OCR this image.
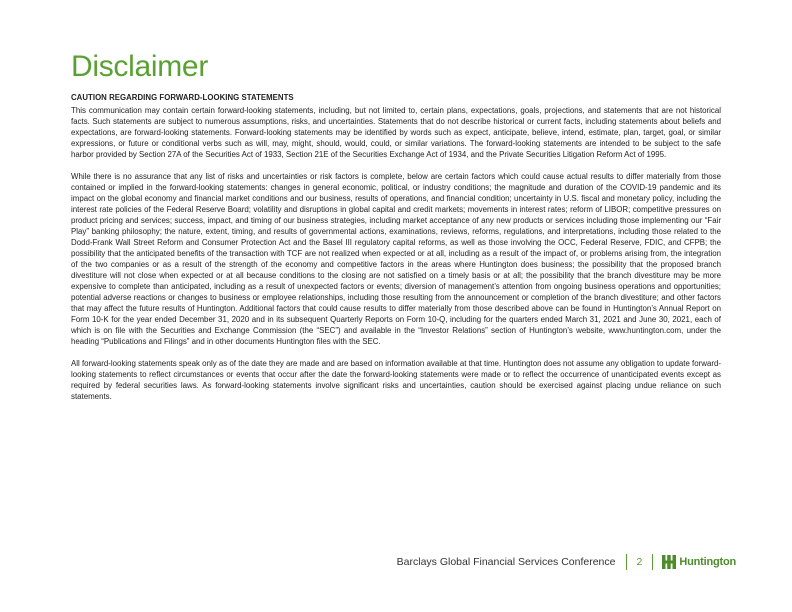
Disclaimer
CAUTION REGARDING FORWARD-LOOKING STATEMENTS

This communication may contain certain forward-looking statements, including, but not limited to, certain plans, expectations, goals, projections, and statements that are not historical facts. Such statements are subject to numerous assumptions, risks, and uncertainties. Statements that do not describe historical or current facts, including statements about beliefs and expectations, are forward-looking statements. Forward-looking statements may be identified by words such as expect, anticipate, believe, intend, estimate, plan, target, goal, or similar expressions, or future or conditional verbs such as will, may, might, should, would, could, or similar variations. The forward-looking statements are intended to be subject to the safe harbor provided by Section 27A of the Securities Act of 1933, Section 21E of the Securities Exchange Act of 1934, and the Private Securities Litigation Reform Act of 1995.

While there is no assurance that any list of risks and uncertainties or risk factors is complete, below are certain factors which could cause actual results to differ materially from those contained or implied in the forward-looking statements: changes in general economic, political, or industry conditions; the magnitude and duration of the COVID-19 pandemic and its impact on the global economy and financial market conditions and our business, results of operations, and financial condition; uncertainty in U.S. fiscal and monetary policy, including the interest rate policies of the Federal Reserve Board; volatility and disruptions in global capital and credit markets; movements in interest rates; reform of LIBOR; competitive pressures on product pricing and services; success, impact, and timing of our business strategies, including market acceptance of any new products or services including those implementing our “Fair Play” banking philosophy; the nature, extent, timing, and results of governmental actions, examinations, reviews, reforms, regulations, and interpretations, including those related to the Dodd-Frank Wall Street Reform and Consumer Protection Act and the Basel III regulatory capital reforms, as well as those involving the OCC, Federal Reserve, FDIC, and CFPB; the possibility that the anticipated benefits of the transaction with TCF are not realized when expected or at all, including as a result of the impact of, or problems arising from, the integration of the two companies or as a result of the strength of the economy and competitive factors in the areas where Huntington does business; the possibility that the proposed branch divestiture will not close when expected or at all because conditions to the closing are not satisfied on a timely basis or at all; the possibility that the branch divestiture may be more expensive to complete than anticipated, including as a result of unexpected factors or events; diversion of management’s attention from ongoing business operations and opportunities; potential adverse reactions or changes to business or employee relationships, including those resulting from the announcement or completion of the branch divestiture; and other factors that may affect the future results of Huntington. Additional factors that could cause results to differ materially from those described above can be found in Huntington’s Annual Report on Form 10-K for the year ended December 31, 2020 and in its subsequent Quarterly Reports on Form 10-Q, including for the quarters ended March 31, 2021 and June 30, 2021, each of which is on file with the Securities and Exchange Commission (the “SEC”) and available in the “Investor Relations” section of Huntington’s website, www.huntington.com, under the heading “Publications and Filings” and in other documents Huntington files with the SEC.

All forward-looking statements speak only as of the date they are made and are based on information available at that time. Huntington does not assume any obligation to update forward-looking statements to reflect circumstances or events that occur after the date the forward-looking statements were made or to reflect the occurrence of unanticipated events except as required by federal securities laws. As forward-looking statements involve significant risks and uncertainties, caution should be exercised against placing undue reliance on such statements.

Barclays Global Financial Services Conference 2	Huntington
